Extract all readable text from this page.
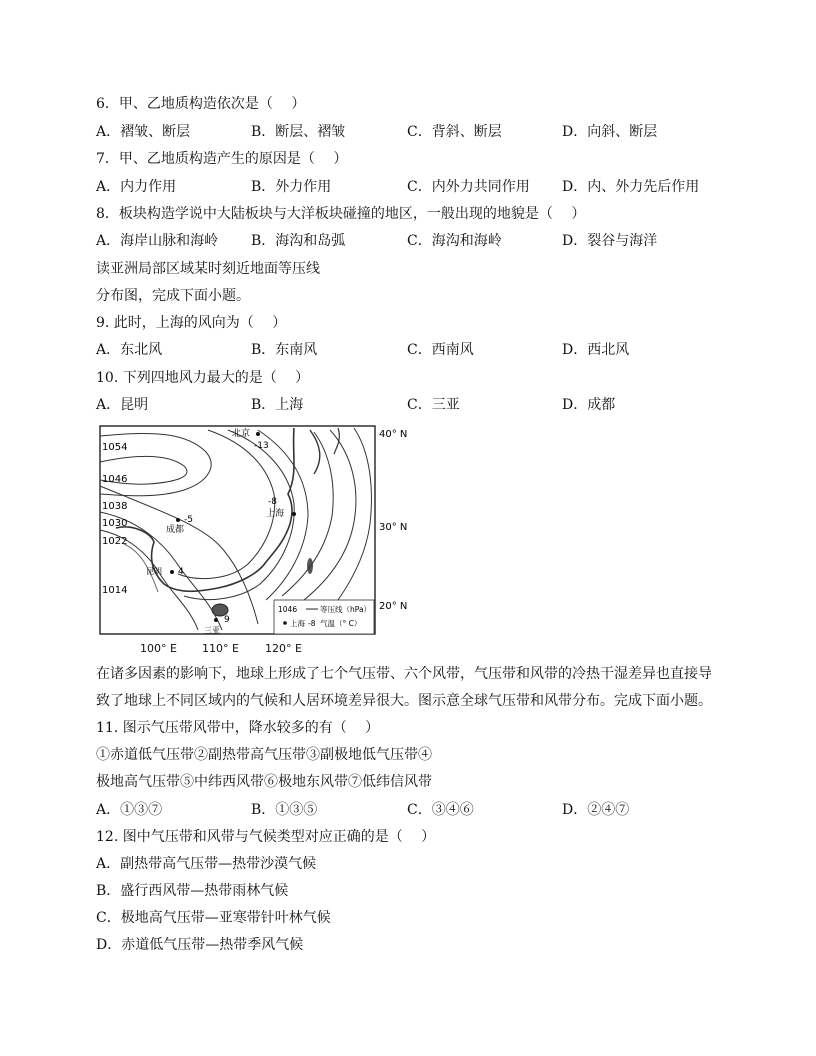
6．甲、乙地质构造依次是（　 ）
A．褶皱、断层	B．断层、褶皱	C．背斜、断层	D．向斜、断层
7．甲、乙地质构造产生的原因是（　 ）
A．内力作用	B．外力作用	C．内外力共同作用 D．内、外力先后作用
8．板块构造学说中大陆板块与大洋板块碰撞的地区，一般出现的地貌是（　 ）
A．海岸山脉和海岭 B．海沟和岛弧	C．海沟和海岭	D．裂谷与海洋
读亚洲局部区域某时刻近地面等压线
分布图，完成下面小题。
9. 此时，上海的风向为（　 ）
A．东北风	B．东南风	C．西南风	D．西北风
10. 下列四地风力最大的是（　 ）
A．昆明	B．上海	C．三亚	D．成都
1046	等压线（hPa）
上海 -8 气温（° C）
1054
1046
1038
1030
1022
1014
北京
-13
上海
-8
成都
-5
昆明 4
三亚
9
40° N
30° N
20° N
100° E 110° E 120° E
在诸多因素的影响下，地球上形成了七个气压带、六个风带，气压带和风带的冷热干湿差异也直接导
致了地球上不同区域内的气候和人居环境差异很大。图示意全球气压带和风带分布。完成下面小题。
11. 图示气压带风带中，降水较多的有（　 ）
①赤道低气压带②副热带高气压带③副极地低气压带④
极地高气压带⑤中纬西风带⑥极地东风带⑦低纬信风带
A．①③⑦	B．①③⑤	C．③④⑥	D．②④⑦
12. 图中气压带和风带与气候类型对应正确的是（　 ）
A．副热带高气压带—热带沙漠气候
B．盛行西风带—热带雨林气候
C．极地高气压带—亚寒带针叶林气候
D．赤道低气压带—热带季风气候
